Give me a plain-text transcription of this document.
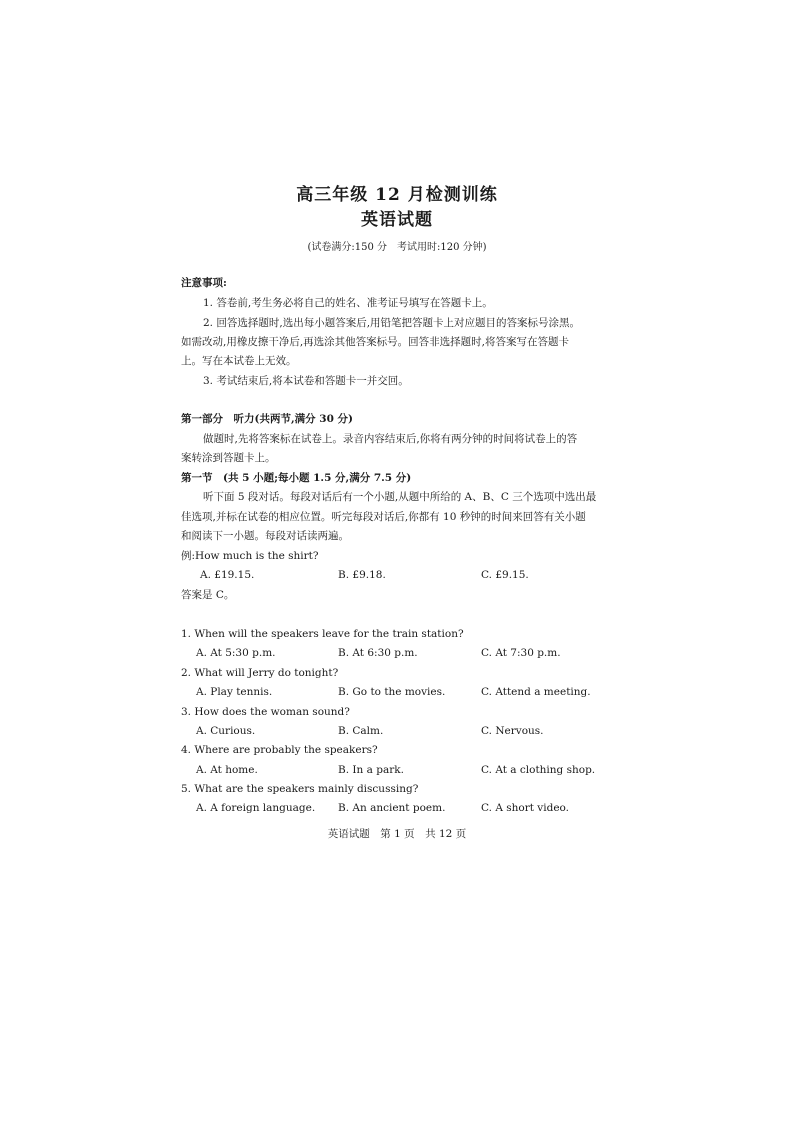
高三年级 12 月检测训练
英语试题
(试卷满分:150 分　考试用时:120 分钟)
注意事项:
1. 答卷前,考生务必将自己的姓名、准考证号填写在答题卡上。
2. 回答选择题时,选出每小题答案后,用铅笔把答题卡上对应题目的答案标号涂黑。
如需改动,用橡皮擦干净后,再选涂其他答案标号。回答非选择题时,将答案写在答题卡
上。写在本试卷上无效。
3. 考试结束后,将本试卷和答题卡一并交回。
第一部分　听力(共两节,满分 30 分)
做题时,先将答案标在试卷上。录音内容结束后,你将有两分钟的时间将试卷上的答
案转涂到答题卡上。
第一节　(共 5 小题;每小题 1.5 分,满分 7.5 分)
听下面 5 段对话。每段对话后有一个小题,从题中所给的 A、B、C 三个选项中选出最
佳选项,并标在试卷的相应位置。听完每段对话后,你都有 10 秒钟的时间来回答有关小题
和阅读下一小题。每段对话读两遍。
例:How much is the shirt?
A. £19.15.	B. £9.18.	C. £9.15.
答案是 C。
1. When will the speakers leave for the train station?
A. At 5:30 p.m.	B. At 6:30 p.m.	C. At 7:30 p.m.
2. What will Jerry do tonight?
A. Play tennis.	B. Go to the movies.	C. Attend a meeting.
3. How does the woman sound?
A. Curious.	B. Calm.	C. Nervous.
4. Where are probably the speakers?
A. At home.	B. In a park.	C. At a clothing shop.
5. What are the speakers mainly discussing?
A. A foreign language. B. An ancient poem.	C. A short video.
英语试题　第 1 页　共 12 页
